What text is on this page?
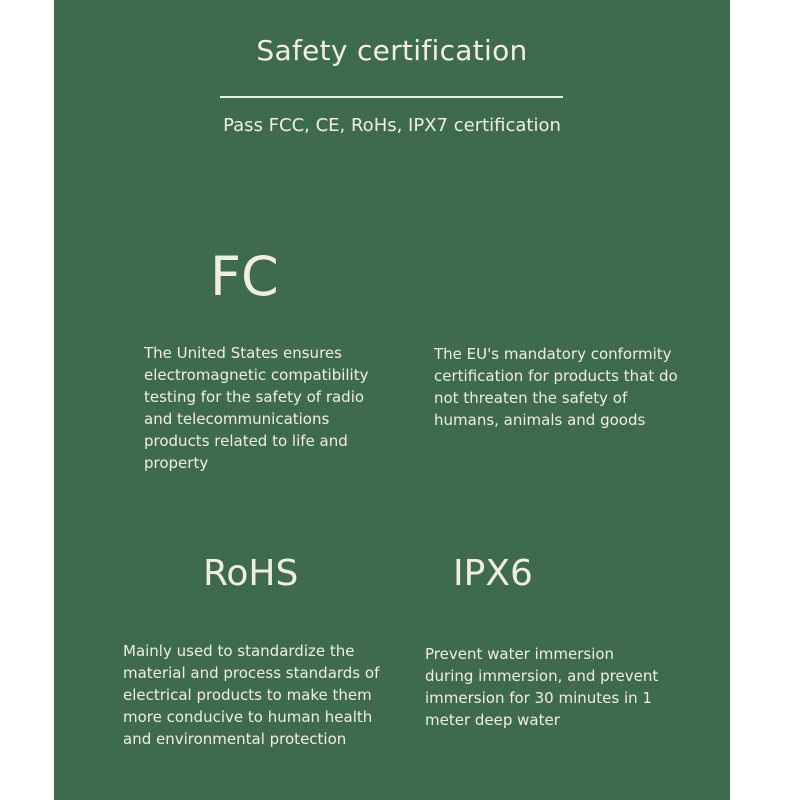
Safety certification
Pass FCC, CE, RoHs, IPX7 certification
FC
The United States ensures electromagnetic compatibility testing for the safety of radio and telecommunications products related to life and property
The EU's mandatory conformity certification for products that do not threaten the safety of humans, animals and goods
RoHS
Mainly used to standardize the material and process standards of electrical products to make them more conducive to human health and environmental protection
IPX6
Prevent water immersion during immersion, and prevent immersion for 30 minutes in 1 meter deep water
